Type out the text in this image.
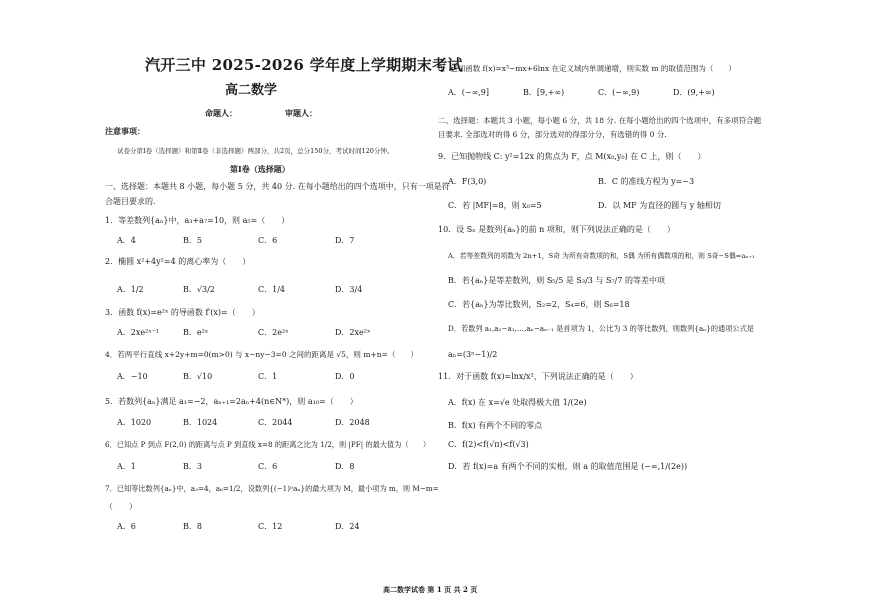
汽开三中 2025-2026 学年度上学期期末考试
高二数学
命题人：	审题人：
注意事项：
试卷分第Ⅰ卷（选择题）和第Ⅱ卷（非选择题）两部分，共2页，总分150分，考试时间120分钟。
第Ⅰ卷（选择题）
一、选择题：本题共 8 小题，每小题 5 分，共 40 分. 在每小题给出的四个选项中，只有一项是符
合题目要求的.
1．等差数列{aₙ}中，a₃+a₇=10，则 a₅=（　　）
A．4	B．5	C．6	D．7
2．椭圆 x²+4y²=4 的离心率为（　　）
A．1/2	B．√3/2	C．1/4	D．3/4
3．函数 f(x)=e²ˣ 的导函数 f′(x)=（　　）
A．2xe²ˣ⁻¹	B．e²ˣ	C．2e²ˣ	D．2xe²ˣ
4．若两平行直线 x+2y+m=0(m>0) 与 x−ny−3=0 之间的距离是 √5，则 m+n=（　　）
A．−10	B．√10	C．1	D．0
5．若数列{aₙ}满足 a₁=−2，aₙ₊₁=2aₙ+4(n∈N*)，则 a₁₀=（　　）
A．1020	B．1024	C．2044	D．2048
6．已知点 P 到点 F(2,0) 的距离与点 P 到直线 x=8 的距离之比为 1/2，则 |PF| 的最大值为（　　）
A．1	B．3	C．6	D．8
7．已知等比数列{aₙ}中，a₃=4，a₆=1/2，设数列{(−1)ⁿaₙ}的最大项为 M，最小项为 m，则 M−m=
（　　）
A．6	B．8	C．12	D．24
8．已知函数 f(x)=x³−mx+6lnx 在定义域内单调递增，则实数 m 的取值范围为（　　）
A．(−∞,9]	B．[9,+∞)	C．(−∞,9)	D．(9,+∞)
二、选择题：本题共 3 小题，每小题 6 分，共 18 分. 在每小题给出的四个选项中，有多项符合题
目要求. 全部选对的得 6 分，部分选对的得部分分，有选错的得 0 分.
9．已知抛物线 C: y²=12x 的焦点为 F，点 M(x₀,y₀) 在 C 上，则（　　）
A．F(3,0)	B．C 的准线方程为 y=−3
C．若 |MF|=8，则 x₀=5	D．以 MF 为直径的圆与 y 轴相切
10．设 Sₙ 是数列{aₙ}的前 n 项和，则下列说法正确的是（　　）
A．若等差数列的项数为 2n+1，S奇 为所有奇数项的和，S偶 为所有偶数项的和，则 S奇−S偶=aₙ₊₁
B．若{aₙ}是等差数列，则 S₅/5 是 S₃/3 与 S₇/7 的等差中项
C．若{aₙ}为等比数列，S₂=2，S₄=6，则 S₆=18
D．若数列 a₁,a₂−a₁,…,aₙ−aₙ₋₁ 是首项为 1，公比为 3 的等比数列，则数列{aₙ}的通项公式是
aₙ=(3ⁿ−1)/2
11．对于函数 f(x)=lnx/x²，下列说法正确的是（　　）
A．f(x) 在 x=√e 处取得极大值 1/(2e)
B．f(x) 有两个不同的零点
C．f(2)<f(√π)<f(√3)
D．若 f(x)=a 有两个不同的实根，则 a 的取值范围是 (−∞,1/(2e))
高二数学试卷 第 1 页 共 2 页
